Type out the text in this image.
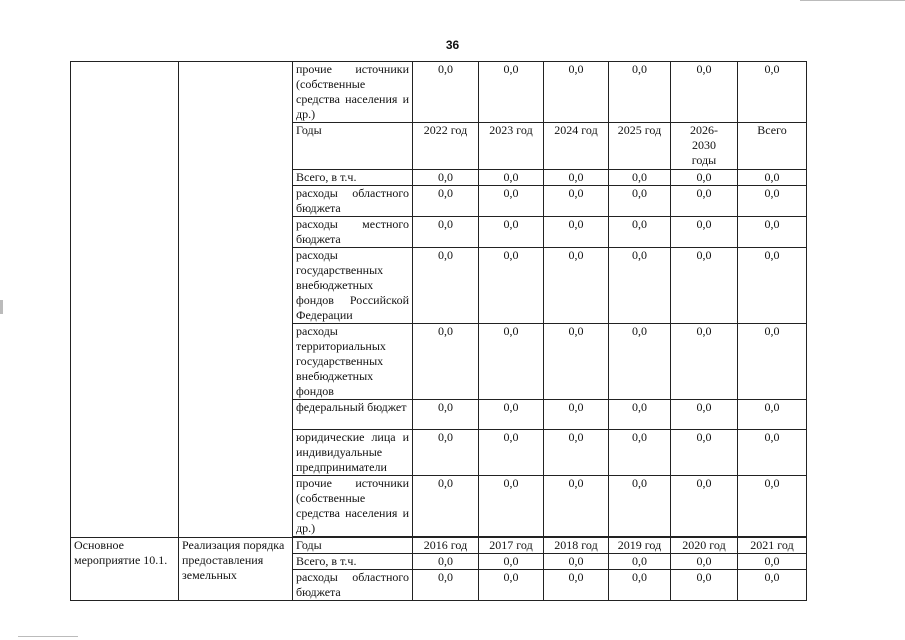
36
		прочие источники (собственные средства населения и др.)	0,0	0,0	0,0	0,0	0,0	0,0
		Годы	2022 год	2023 год	2024 год	2025 год	2026-2030 годы	Всего
		Всего, в т.ч.	0,0	0,0	0,0	0,0	0,0	0,0
		расходы областного бюджета	0,0	0,0	0,0	0,0	0,0	0,0
		расходы местного бюджета	0,0	0,0	0,0	0,0	0,0	0,0
		расходы государственных внебюджетных фондов Российской Федерации	0,0	0,0	0,0	0,0	0,0	0,0
		расходы территориальных государственных внебюджетных фондов	0,0	0,0	0,0	0,0	0,0	0,0
		федеральный бюджет	0,0	0,0	0,0	0,0	0,0	0,0
		юридические лица и индивидуальные предприниматели	0,0	0,0	0,0	0,0	0,0	0,0
		прочие источники (собственные средства населения и др.)	0,0	0,0	0,0	0,0	0,0	0,0

Основное мероприятие 10.1.	Реализация порядка предоставления земельных	Годы	2016 год	2017 год	2018 год	2019 год	2020 год	2021 год
		Всего, в т.ч.	0,0	0,0	0,0	0,0	0,0	0,0
		расходы областного бюджета	0,0	0,0	0,0	0,0	0,0	0,0
